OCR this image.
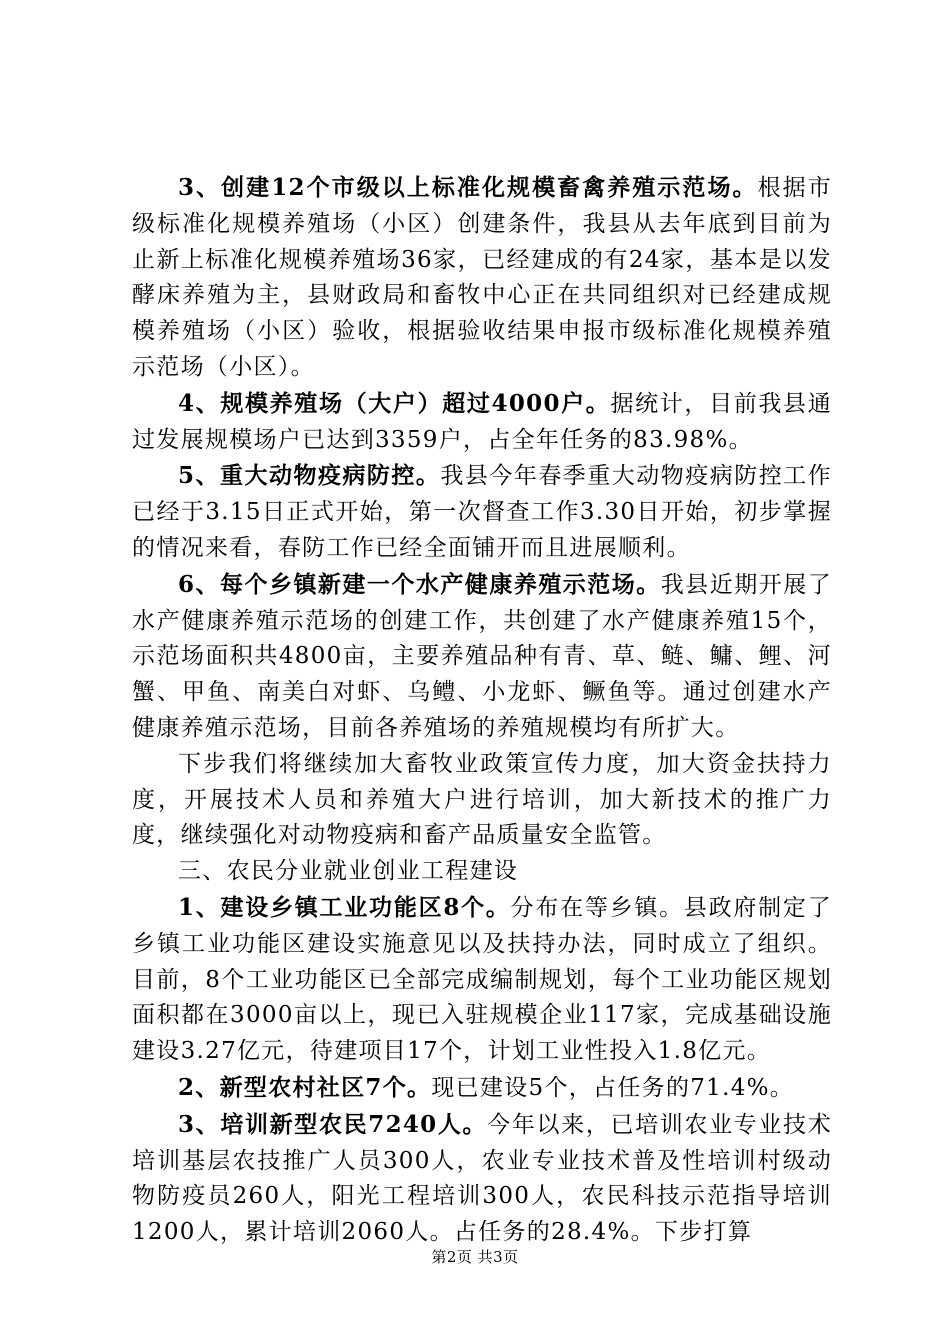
3、创建12个市级以上标准化规模畜禽养殖示范场。根据市级标准化规模养殖场（小区）创建条件，我县从去年底到目前为止新上标准化规模养殖场36家，已经建成的有24家，基本是以发酵床养殖为主，县财政局和畜牧中心正在共同组织对已经建成规模养殖场（小区）验收，根据验收结果申报市级标准化规模养殖示范场（小区）。

4、规模养殖场（大户）超过4000户。据统计，目前我县通过发展规模场户已达到3359户，占全年任务的83.98%。

5、重大动物疫病防控。我县今年春季重大动物疫病防控工作已经于3.15日正式开始，第一次督查工作3.30日开始，初步掌握的情况来看，春防工作已经全面铺开而且进展顺利。

6、每个乡镇新建一个水产健康养殖示范场。我县近期开展了水产健康养殖示范场的创建工作，共创建了水产健康养殖15个，示范场面积共4800亩，主要养殖品种有青、草、鲢、鳙、鲤、河蟹、甲鱼、南美白对虾、乌鳢、小龙虾、鳜鱼等。通过创建水产健康养殖示范场，目前各养殖场的养殖规模均有所扩大。

下步我们将继续加大畜牧业政策宣传力度，加大资金扶持力度，开展技术人员和养殖大户进行培训，加大新技术的推广力度，继续强化对动物疫病和畜产品质量安全监管。

三、农民分业就业创业工程建设

1、建设乡镇工业功能区8个。分布在等乡镇。县政府制定了乡镇工业功能区建设实施意见以及扶持办法，同时成立了组织。目前，8个工业功能区已全部完成编制规划，每个工业功能区规划面积都在3000亩以上，现已入驻规模企业117家，完成基础设施建设3.27亿元，待建项目17个，计划工业性投入1.8亿元。

2、新型农村社区7个。现已建设5个，占任务的71.4%。

3、培训新型农民7240人。今年以来，已培训农业专业技术培训基层农技推广人员300人，农业专业技术普及性培训村级动物防疫员260人，阳光工程培训300人，农民科技示范指导培训1200人，累计培训2060人。占任务的28.4%。下步打算

第2页 共3页
